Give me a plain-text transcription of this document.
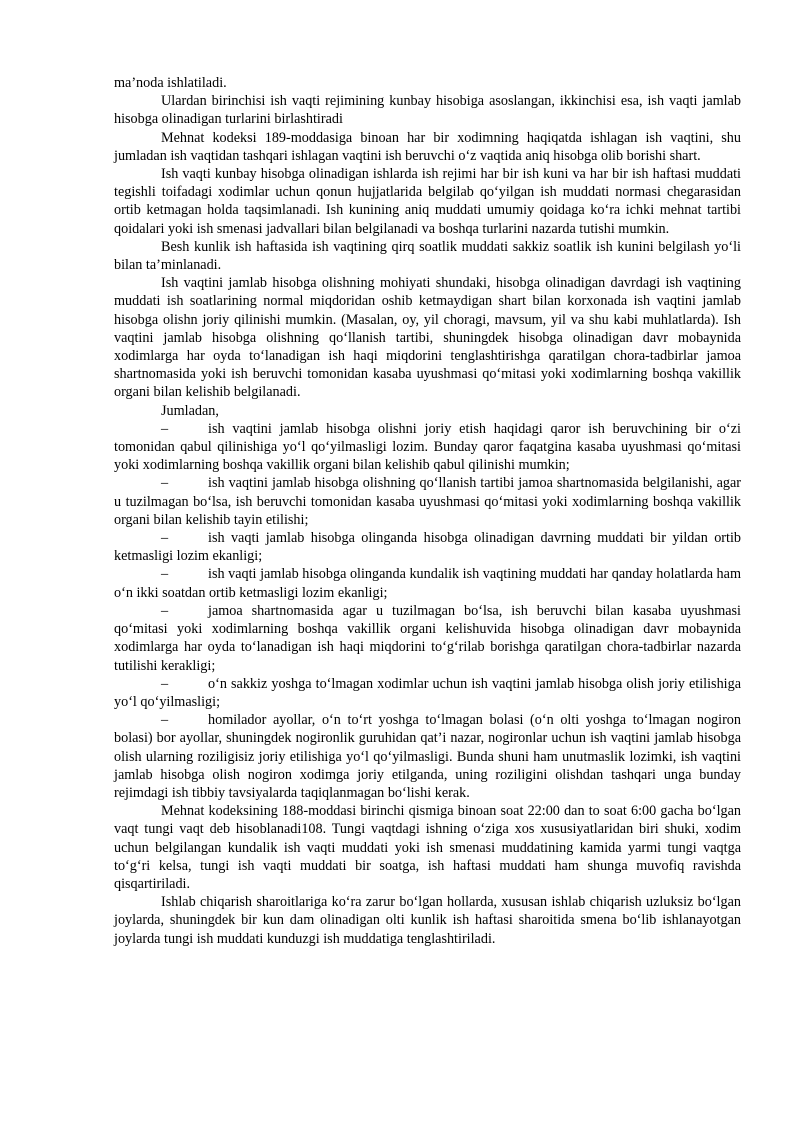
ma’noda ishlatiladi.

Ulardan birinchisi ish vaqti rejimining kunbay hisobiga asoslangan, ikkinchisi esa, ish vaqti jamlab hisobga olinadigan turlarini birlashtiradi

Mehnat kodeksi 189-moddasiga binoan har bir xodimning haqiqatda ishlagan ish vaqtini, shu jumladan ish vaqtidan tashqari ishlagan vaqtini ish beruvchi o‘z vaqtida aniq hisobga olib borishi shart.

Ish vaqti kunbay hisobga olinadigan ishlarda ish rejimi har bir ish kuni va har bir ish haftasi muddati tegishli toifadagi xodimlar uchun qonun hujjatlarida belgilab qo‘yilgan ish muddati normasi chegarasidan ortib ketmagan holda taqsimlanadi. Ish kunining aniq muddati umumiy qoidaga ko‘ra ichki mehnat tartibi qoidalari yoki ish smenasi jadvallari bilan belgilanadi va boshqa turlarini nazarda tutishi mumkin.

Besh kunlik ish haftasida ish vaqtining qirq soatlik muddati sakkiz soatlik ish kunini belgilash yo‘li bilan ta’minlanadi.

Ish vaqtini jamlab hisobga olishning mohiyati shundaki, hisobga olinadigan davrdagi ish vaqtining muddati ish soatlarining normal miqdoridan oshib ketmaydigan shart bilan korxonada ish vaqtini jamlab hisobga olishn joriy qilinishi mumkin. (Masalan, oy, yil choragi, mavsum, yil va shu kabi muhlatlarda). Ish vaqtini jamlab hisobga olishning qo‘llanish tartibi, shuningdek hisobga olinadigan davr mobaynida xodimlarga har oyda to‘lanadigan ish haqi miqdorini tenglashtirishga qaratilgan chora-tadbirlar jamoa shartnomasida yoki ish beruvchi tomonidan kasaba uyushmasi qo‘mitasi yoki xodimlarning boshqa vakillik organi bilan kelishib belgilanadi.

Jumladan,

–	ish vaqtini jamlab hisobga olishni joriy etish haqidagi qaror ish beruvchining bir o‘zi tomonidan qabul qilinishiga yo‘l qo‘yilmasligi lozim. Bunday qaror faqatgina kasaba uyushmasi qo‘mitasi yoki xodimlarning boshqa vakillik organi bilan kelishib qabul qilinishi mumkin;

–	ish vaqtini jamlab hisobga olishning qo‘llanish tartibi jamoa shartnomasida belgilanishi, agar u tuzilmagan bo‘lsa, ish beruvchi tomonidan kasaba uyushmasi qo‘mitasi yoki xodimlarning boshqa vakillik organi bilan kelishib tayin etilishi;

–	ish vaqti jamlab hisobga olinganda hisobga olinadigan davrning muddati bir yildan ortib ketmasligi lozim ekanligi;

–	ish vaqti jamlab hisobga olinganda kundalik ish vaqtining muddati har qanday holatlarda ham o‘n ikki soatdan ortib ketmasligi lozim ekanligi;

–	jamoa shartnomasida agar u tuzilmagan bo‘lsa, ish beruvchi bilan kasaba uyushmasi qo‘mitasi yoki xodimlarning boshqa vakillik organi kelishuvida hisobga olinadigan davr mobaynida xodimlarga har oyda to‘lanadigan ish haqi miqdorini to‘g‘rilab borishga qaratilgan chora-tadbirlar nazarda tutilishi kerakligi;

–	o‘n sakkiz yoshga to‘lmagan xodimlar uchun ish vaqtini jamlab hisobga olish joriy etilishiga yo‘l qo‘yilmasligi;

–	homilador ayollar, o‘n to‘rt yoshga to‘lmagan bolasi (o‘n olti yoshga to‘lmagan nogiron bolasi) bor ayollar, shuningdek nogironlik guruhidan qat’i nazar, nogironlar uchun ish vaqtini jamlab hisobga olish ularning roziligisiz joriy etilishiga yo‘l qo‘yilmasligi. Bunda shuni ham unutmaslik lozimki, ish vaqtini jamlab hisobga olish nogiron xodimga joriy etilganda, uning roziligini olishdan tashqari unga bunday rejimdagi ish tibbiy tavsiyalarda taqiqlanmagan bo‘lishi kerak.

Mehnat kodeksining 188-moddasi birinchi qismiga binoan soat 22:00 dan to soat 6:00 gacha bo‘lgan vaqt tungi vaqt deb hisoblanadi108. Tungi vaqtdagi ishning o‘ziga xos xususiyatlaridan biri shuki, xodim uchun belgilangan kundalik ish vaqti muddati yoki ish smenasi muddatining kamida yarmi tungi vaqtga to‘g‘ri kelsa, tungi ish vaqti muddati bir soatga, ish haftasi muddati ham shunga muvofiq ravishda qisqartiriladi.

Ishlab chiqarish sharoitlariga ko‘ra zarur bo‘lgan hollarda, xususan ishlab chiqarish uzluksiz bo‘lgan joylarda, shuningdek bir kun dam olinadigan olti kunlik ish haftasi sharoitida smena bo‘lib ishlanayotgan joylarda tungi ish muddati kunduzgi ish muddatiga tenglashtiriladi.
